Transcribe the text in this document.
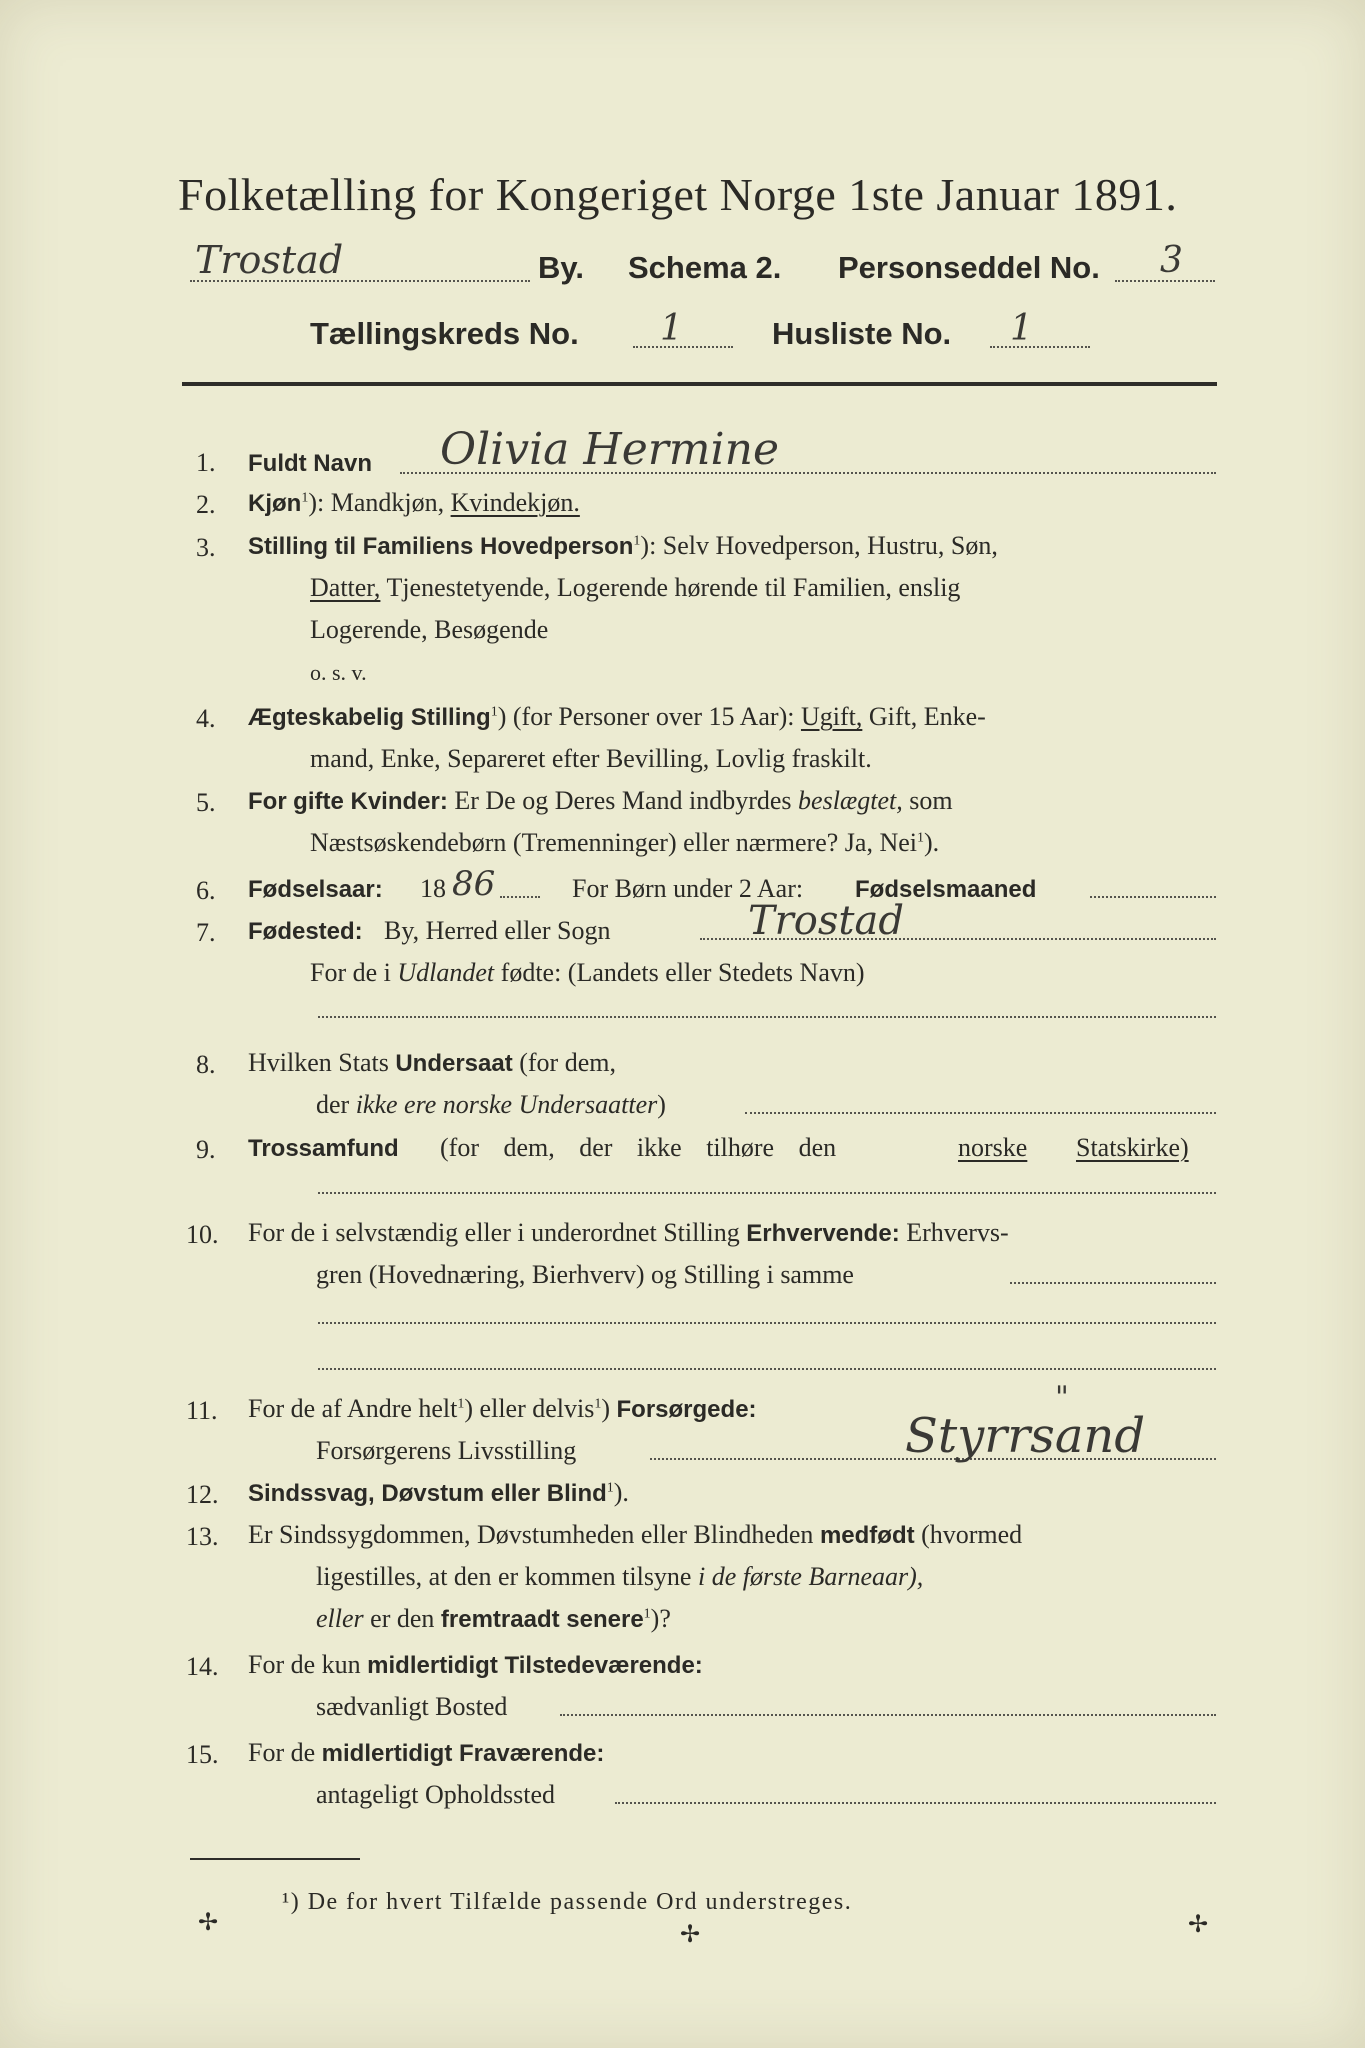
Folketælling for Kongeriget Norge 1ste Januar 1891.
Trostad	By. Schema 2. Personseddel No. 3
Tællingskreds No. 1	Husliste No. 1
1. Fuldt Navn Olivia Hermine
2. Kjøn$^1$): Mandkjøn, Kvindekjøn.
3. Stilling til Familiens Hovedperson$^1$): Selv Hovedperson, Hustru, Søn,
Datter, Tjenestetyende, Logerende hørende til Familien, enslig
Logerende, Besøgende
o. s. v.
4. Ægteskabelig Stilling$^1$) (for Personer over 15 Aar): Ugift, Gift, Enke-
mand, Enke, Separeret efter Bevilling, Lovlig fraskilt.
5. For gifte Kvinder: Er De og Deres Mand indbyrdes beslægtet, som
Næstsøskendebørn (Tremenninger) eller nærmere? Ja, Nei$^1$).
6. Fødselsaar: 18 86	For Børn under 2 Aar: Fødselsmaaned
7. Fødested: By, Herred eller Sogn	Trostad
For de i Udlandet fødte: (Landets eller Stedets Navn)
8. Hvilken Stats Undersaat (for dem,
der ikke ere norske Undersaatter)
9. Trossamfund (for dem, der ikke tilhøre den	norske Statskirke)
10. For de i selvstændig eller i underordnet Stilling Erhvervende: Erhvervs-
gren (Hovednæring, Bierhverv) og Stilling i samme
11. For de af Andre helt$^1$) eller delvis$^1$) Forsørgede:	"
Forsørgerens Livsstilling	Styrrsand
12. Sindssvag, Døvstum eller Blind$^1$).
13. Er Sindssygdommen, Døvstumheden eller Blindheden medfødt (hvormed
ligestilles, at den er kommen tilsyne i de første Barneaar),
eller er den fremtraadt senere$^1$)?
14. For de kun midlertidigt Tilstedeværende:
sædvanligt Bosted
15. For de midlertidigt Fraværende:
antageligt Opholdssted
¹) De for hvert Tilfælde passende Ord understreges.
✢	✢	✢
